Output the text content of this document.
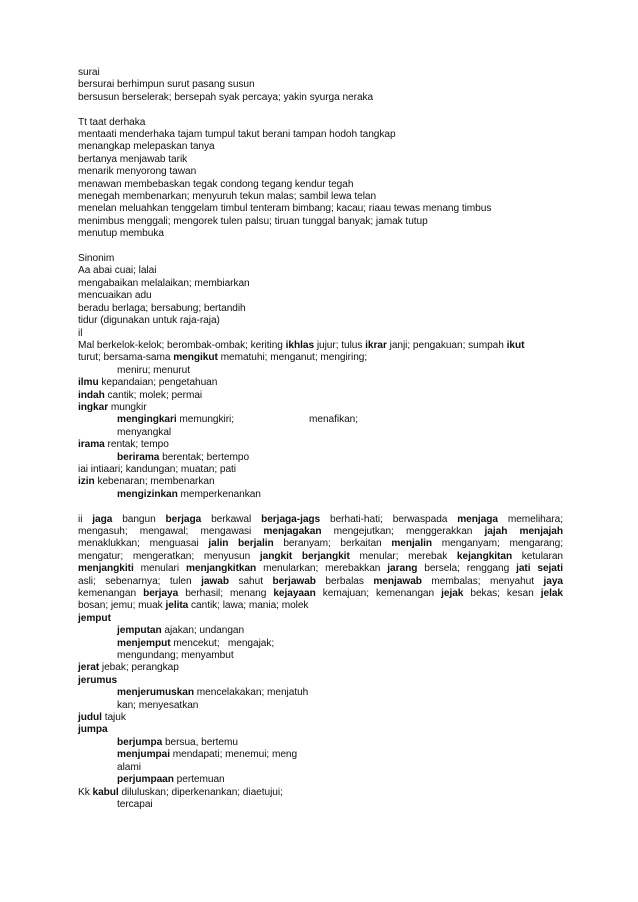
surai
bersurai berhimpun surut pasang susun
bersusun berselerak; bersepah syak percaya; yakin syurga neraka
Tt taat derhaka
mentaati menderhaka tajam tumpul takut berani tampan hodoh tangkap
menangkap melepaskan tanya
bertanya menjawab tarik
menarik menyorong tawan
menawan membebaskan tegak condong tegang kendur tegah
menegah membenarkan; menyuruh tekun malas; sambil lewa telan
menelan meluahkan tenggelam timbul tenteram bimbang; kacau; riaau tewas menang timbus
menimbus menggali; mengorek tulen palsu; tiruan tunggal banyak; jamak tutup
menutup membuka
Sinonim
Aa abai cuai; lalai
mengabaikan melalaikan; membiarkan
mencuaikan adu
beradu berlaga; bersabung; bertandih
tidur (digunakan untuk raja-raja)
il
Mal berkelok-kelok; berombak-ombak; keriting ikhlas jujur; tulus ikrar janji; pengakuan; sumpah ikut
turut; bersama-sama mengikut mematuhi; menganut; mengiring;
meniru; menurut
ilmu kepandaian; pengetahuan
indah cantik; molek; permai
ingkar mungkir
mengingkari memungkiri;	menafikan;
menyangkal
irama rentak; tempo
berirama berentak; bertempo
iai intiaari; kandungan; muatan; pati
izin kebenaran; membenarkan
mengizinkan memperkenankan
ii jaga bangun berjaga berkawal berjaga-jags berhati-hati; berwaspada menjaga memelihara;
mengasuh; mengawal; mengawasi menjagakan mengejutkan; menggerakkan jajah menjajah
menaklukkan; menguasai jalin berjalin beranyam; berkaitan menjalin menganyam; mengarang;
mengatur; mengeratkan; menyusun jangkit berjangkit menular; merebak kejangkitan ketularan
menjangkiti menulari menjangkitkan menularkan; merebakkan jarang bersela; renggang jati sejati
asli; sebenarnya; tulen jawab sahut berjawab berbalas menjawab membalas; menyahut jaya
kemenangan berjaya berhasil; menang kejayaan kemajuan; kemenangan jejak bekas; kesan jelak
bosan; jemu; muak jelita cantik; lawa; mania; molek
jemput
jemputan ajakan; undangan
menjemput mencekut;   mengajak;
mengundang; menyambut
jerat jebak; perangkap
jerumus
menjerumuskan mencelakakan; menjatuh
kan; menyesatkan
judul tajuk
jumpa
berjumpa bersua, bertemu
menjumpai mendapati; menemui; meng
alami
perjumpaan pertemuan
Kk kabul diluluskan; diperkenankan; diaetujui;
tercapai
